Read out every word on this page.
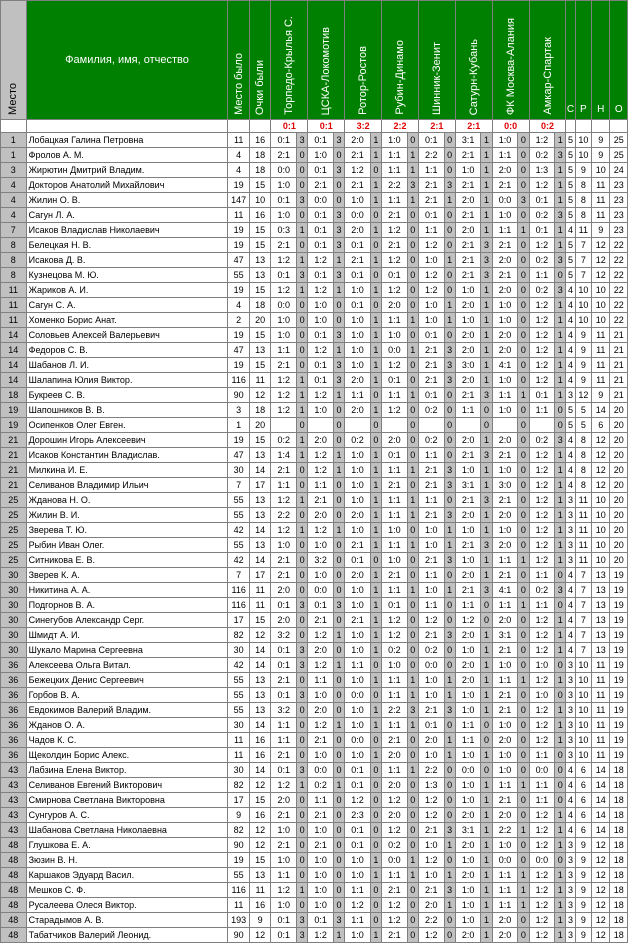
Место	Фамилия, имя, отчество	Место было	Очки были	Торпедо-Крылья С.		ЦСКА-Локомотив		Ротор-Ростов		Рубин-Динамо		Шинник-Зенит		Сатурн-Кубань		ФК Москва-Алания		Амкар-Спартак		С	Р	Н	О

				0:1		0:1		3:2		2:2		2:1		2:1		0:0		0:2					
1	Лобацкая Галина Петровна	11	16	0:1	3	0:1	3	2:0	1	1:0	0	0:1	0	3:1	1	1:0	0	1:2	1	5	10	9	25
1	Фролов А. М.	4	18	2:1	0	1:0	0	2:1	1	1:1	1	2:2	0	2:1	1	1:1	0	0:2	3	5	10	9	25
3	Жирютин Дмитрий Владим.	4	18	0:0	0	0:1	3	1:2	0	1:1	1	1:1	0	1:0	1	2:0	0	1:3	1	5	9	10	24
4	Докторов Анатолий Михайлович	19	15	1:0	0	2:1	0	2:1	1	2:2	3	2:1	3	2:1	1	2:1	0	1:2	1	5	8	11	23
4	Жилин О. В.	147	10	0:1	3	0:0	0	1:0	1	1:1	1	2:1	1	2:0	1	0:0	3	0:1	1	5	8	11	23
4	Сагун Л. А.	11	16	1:0	0	0:1	3	0:0	0	2:1	0	0:1	0	2:1	1	1:0	0	0:2	3	5	8	11	23
7	Исаков Владислав Николаевич	19	15	0:3	1	0:1	3	2:0	1	1:2	0	1:1	0	2:0	1	1:1	1	0:1	1	4	11	9	23
8	Белецкая Н. В.	19	15	2:1	0	0:1	3	0:1	0	2:1	0	1:2	0	2:1	3	2:1	0	1:2	1	5	7	12	22
8	Исакова Д. В.	47	13	1:2	1	1:2	1	2:1	1	1:2	0	1:0	1	2:1	3	2:0	0	0:2	3	5	7	12	22
8	Кузнецова М. Ю.	55	13	0:1	3	0:1	3	0:1	0	0:1	0	1:2	0	2:1	3	2:1	0	1:1	0	5	7	12	22
11	Жариков А. И.	19	15	1:2	1	1:2	1	1:0	1	1:2	0	1:2	0	1:0	1	2:0	0	0:2	3	4	10	10	22
11	Сагун С. А.	4	18	0:0	0	1:0	0	0:1	0	2:0	0	1:0	1	2:0	1	1:0	0	1:2	1	4	10	10	22
11	Хоменко Борис Анат.	2	20	1:0	0	1:0	0	1:0	1	1:1	1	1:0	1	1:0	1	1:0	0	1:2	1	4	10	10	22
14	Соловьев Алексей Валерьевич	19	15	1:0	0	0:1	3	1:0	1	1:0	0	0:1	0	2:0	1	2:0	0	1:2	1	4	9	11	21
14	Федоров С. В.	47	13	1:1	0	1:2	1	1:0	1	0:0	1	2:1	3	2:0	1	2:0	0	1:2	1	4	9	11	21
14	Шабанов Л. И.	19	15	2:1	0	0:1	3	1:0	1	1:2	0	2:1	3	3:0	1	4:1	0	1:2	1	4	9	11	21
14	Шалапина Юлия Виктор.	116	11	1:2	1	0:1	3	2:0	1	0:1	0	2:1	3	2:0	1	1:0	0	1:2	1	4	9	11	21
18	Букреев С. В.	90	12	1:2	1	1:2	1	1:1	0	1:1	1	0:1	0	2:1	3	1:1	1	0:1	1	3	12	9	21
19	Шапошников В. В.	3	18	1:2	1	1:0	0	2:0	1	1:2	0	0:2	0	1:1	0	1:0	0	1:1	0	5	5	14	20
19	Осипенков Олег Евген.	1	20		0		0		0		0		0		0		0		0	5	5	6	20
21	Дорошин Игорь Алексеевич	19	15	0:2	1	2:0	0	0:2	0	2:0	0	0:2	0	2:0	1	2:0	0	0:2	3	4	8	12	20
21	Исаков Константин Владислав.	47	13	1:4	1	1:2	1	1:0	1	0:1	0	1:1	0	2:1	3	2:1	0	1:2	1	4	8	12	20
21	Милкина И. Е.	30	14	2:1	0	1:2	1	1:0	1	1:1	1	2:1	3	1:0	1	1:0	0	1:2	1	4	8	12	20
21	Селиванов Владимир Ильич	7	17	1:1	0	1:1	0	1:0	1	2:1	0	2:1	3	3:1	1	3:0	0	1:2	1	4	8	12	20
25	Жданова Н. О.	55	13	1:2	1	2:1	0	1:0	1	1:1	1	1:1	0	2:1	3	2:1	0	1:2	1	3	11	10	20
25	Жилин В. И.	55	13	2:2	0	2:0	0	2:0	1	1:1	1	2:1	3	2:0	1	2:0	0	1:2	1	3	11	10	20
25	Зверева Т. Ю.	42	14	1:2	1	1:2	1	1:0	1	1:0	0	1:0	1	1:0	1	1:0	0	1:2	1	3	11	10	20
25	Рыбин Иван Олег.	55	13	1:0	0	1:0	0	2:1	1	1:1	1	1:0	1	2:1	3	2:0	0	1:2	1	3	11	10	20
25	Ситникова Е. В.	42	14	2:1	0	3:2	0	0:1	0	1:0	0	2:1	3	1:0	1	1:1	1	1:2	1	3	11	10	20
30	Зверев К. А.	7	17	2:1	0	1:0	0	2:0	1	2:1	0	1:1	0	2:0	1	2:1	0	1:1	0	4	7	13	19
30	Никитина А. А.	116	11	2:0	0	0:0	0	1:0	1	1:1	1	1:0	1	2:1	3	4:1	0	0:2	3	4	7	13	19
30	Подгорнов В. А.	116	11	0:1	3	0:1	3	1:0	1	0:1	0	1:1	0	1:1	0	1:1	1	1:1	0	4	7	13	19
30	Синегубов Александр Серг.	17	15	2:0	0	2:1	0	2:1	1	1:2	0	1:2	0	1:2	0	2:0	0	1:2	1	4	7	13	19
30	Шмидт А. И.	82	12	3:2	0	1:2	1	1:0	1	1:2	0	2:1	3	2:0	1	3:1	0	1:2	1	4	7	13	19
30	Шукало Марина Сергеевна	30	14	0:1	3	2:0	0	1:0	1	0:2	0	0:2	0	1:0	1	2:1	0	1:2	1	4	7	13	19
36	Алексеева Ольга Витал.	42	14	0:1	3	1:2	1	1:1	0	1:0	0	0:0	0	2:0	1	1:0	0	1:0	0	3	10	11	19
36	Бежецких Денис Сергеевич	55	13	2:1	0	1:1	0	1:0	1	1:1	1	1:0	1	2:0	1	1:1	1	1:2	1	3	10	11	19
36	Горбов В. А.	55	13	0:1	3	1:0	0	0:0	0	1:1	1	1:0	1	1:0	1	2:1	0	1:0	0	3	10	11	19
36	Евдокимов Валерий Владим.	55	13	3:2	0	2:0	0	1:0	1	2:2	3	2:1	3	1:0	1	2:1	0	1:2	1	3	10	11	19
36	Жданов О. А.	30	14	1:1	0	1:2	1	1:0	1	1:1	1	0:1	0	1:1	0	1:0	0	1:2	1	3	10	11	19
36	Чадов К. С.	11	16	1:1	0	2:1	0	0:0	0	2:1	0	2:0	1	1:1	0	2:0	0	1:2	1	3	10	11	19
36	Щеколдин Борис Алекс.	11	16	2:1	0	1:0	0	1:0	1	2:0	0	1:0	1	1:0	1	1:0	0	1:1	0	3	10	11	19
43	Лабзина Елена Виктор.	30	14	0:1	3	0:0	0	0:1	0	1:1	1	2:2	0	0:0	0	1:0	0	0:0	0	4	6	14	18
43	Селиванов Евгений Викторович	82	12	1:2	1	0:2	1	0:1	0	2:0	0	1:3	0	1:0	1	1:1	1	1:1	0	4	6	14	18
43	Смирнова Светлана Викторовна	17	15	2:0	0	1:1	0	1:2	0	1:2	0	1:2	0	1:0	1	2:1	0	1:1	0	4	6	14	18
43	Сунгуров А. С.	9	16	2:1	0	2:1	0	2:3	0	2:0	0	1:2	0	2:0	1	2:0	0	1:2	1	4	6	14	18
43	Шабанова Светлана Николаевна	82	12	1:0	0	1:0	0	0:1	0	1:2	0	2:1	3	3:1	1	2:2	1	1:2	1	4	6	14	18
48	Глушкова Е. А.	90	12	2:1	0	2:1	0	0:1	0	0:2	0	1:0	1	2:0	1	1:0	0	1:2	1	3	9	12	18
48	Зюзин В. Н.	19	15	1:0	0	1:0	0	1:0	1	0:0	1	1:2	0	1:0	1	0:0	0	0:0	0	3	9	12	18
48	Каршаков Эдуард Васил.	55	13	1:1	0	1:0	0	1:0	1	1:1	1	1:0	1	2:0	1	1:1	1	1:2	1	3	9	12	18
48	Мешков С. Ф.	116	11	1:2	1	1:0	0	1:1	0	2:1	0	2:1	3	1:0	1	1:1	1	1:2	1	3	9	12	18
48	Русалеева Олеся Виктор.	11	16	1:0	0	1:0	0	1:2	0	1:2	0	2:0	1	1:0	1	1:1	1	1:2	1	3	9	12	18
48	Старадымов А. В.	193	9	0:1	3	0:1	3	1:1	0	1:2	0	2:2	0	1:0	1	2:0	0	1:2	1	3	9	12	18
48	Табатчиков Валерий Леонид.	90	12	0:1	3	1:2	1	1:0	1	2:1	0	1:2	0	2:0	1	2:0	0	1:2	1	3	9	12	18
